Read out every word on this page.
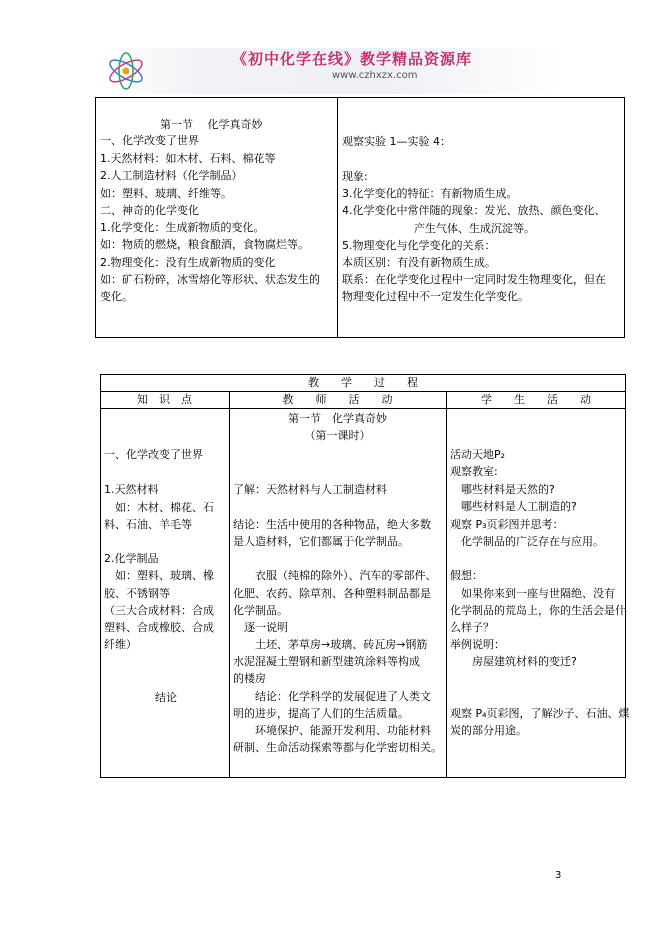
《初中化学在线》教学精品资源库
www.czhxzx.com
第一节　 化学真奇妙
一、化学改变了世界
1.天然材料：如木材、石料、棉花等
2.人工制造材料（化学制品）
如：塑料、玻璃、纤维等。
二、神奇的化学变化
1.化学变化：生成新物质的变化。
如：物质的燃烧，粮食酿酒，食物腐烂等。
2.物理变化：没有生成新物质的变化
如：矿石粉碎，冰雪熔化等形状、状态发生的
变化。
观察实验 1—实验 4：
现象:
3.化学变化的特征：有新物质生成。
4.化学变化中常伴随的现象：发光、放热、颜色变化、
产生气体、生成沉淀等。
5.物理变化与化学变化的关系：
本质区别：有没有新物质生成。
联系：在化学变化过程中一定同时发生物理变化，但在
物理变化过程中不一定发生化学变化。
教　　学　　过　　程
知　识　点	教　　师　　活　　动	学　　生　　活　　动
第一节　化学真奇妙
（第一课时）
一、化学改变了世界
1.天然材料
　如：木材、棉花、石
料、石油、羊毛等
2.化学制品
　如：塑料、玻璃、橡
胶、不锈钢等
（三大合成材料：合成
塑料、合成橡胶、合成
纤维）
结论
了解：天然材料与人工制造材料
结论：生活中使用的各种物品，绝大多数
是人造材料，它们都属于化学制品。
　　衣服（纯棉的除外）、汽车的零部件、
化肥、农药、除草剂、各种塑料制品都是
化学制品。
　逐一说明
　　土坯、茅草房→玻璃、砖瓦房→钢筋
水泥混凝土塑钢和新型建筑涂料等构成
的楼房
　　结论：化学科学的发展促进了人类文
明的进步，提高了人们的生活质量。
　　环境保护、能源开发利用、功能材料
研制、生命活动探索等都与化学密切相关。
活动天地P₂
观察教室:
　哪些材料是天然的?
　哪些材料是人工制造的?
观察 P₃页彩图并思考：
　化学制品的广泛存在与应用。
假想：
　如果你来到一座与世隔绝、没有
化学制品的荒岛上，你的生活会是什
么样子？
举例说明：
　　房屋建筑材料的变迁?
观察 P₄页彩图，了解沙子、石油、煤
炭的部分用途。
3
